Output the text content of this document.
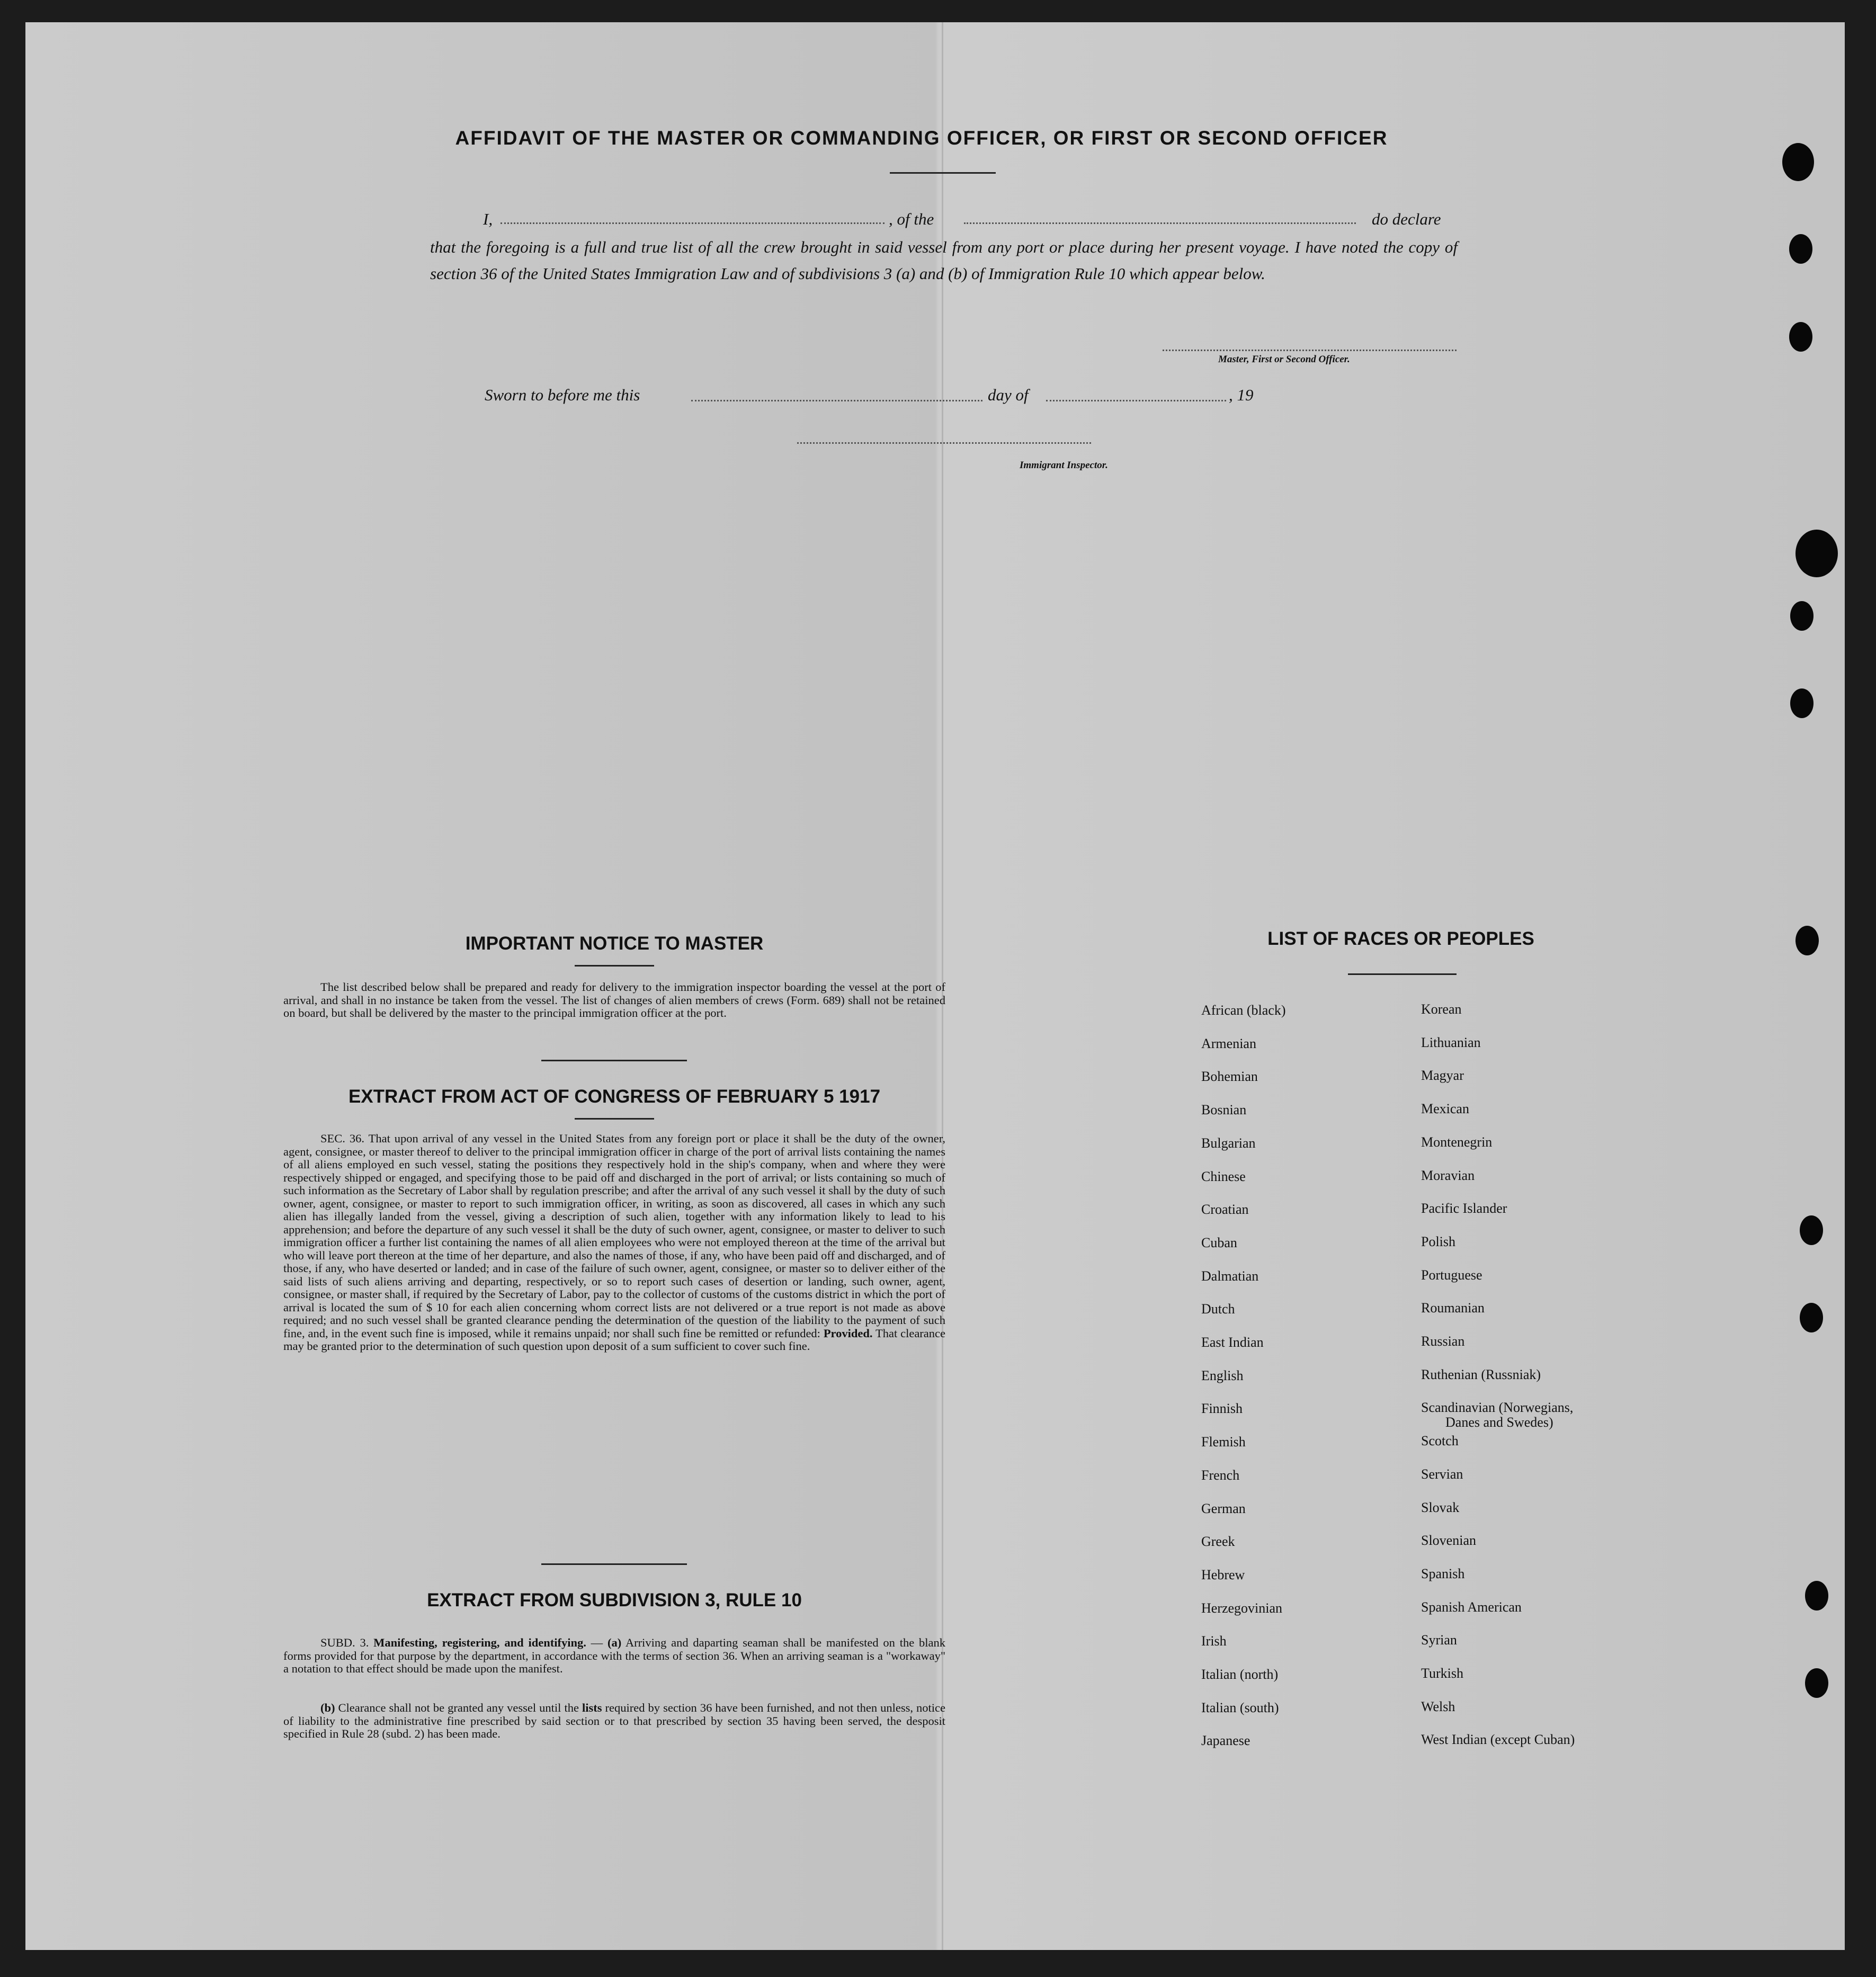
AFFIDAVIT OF THE MASTER OR COMMANDING OFFICER, OR FIRST OR SECOND OFFICER
I,	, of the	do declare
that the foregoing is a full and true list of all the crew brought in said vessel from any port or place during her present voyage. I have noted the copy of section 36 of the United States Immigration Law and of subdivisions 3 (a) and (b) of Immigration Rule 10 which appear below.
Master, First or Second Officer.
Sworn to before me this	day of	, 19
Immigrant Inspector.
IMPORTANT NOTICE TO MASTER
The list described below shall be prepared and ready for delivery to the immigration inspector boarding the vessel at the port of arrival, and shall in no instance be taken from the vessel. The list of changes of alien members of crews (Form. 689) shall not be retained on board, but shall be delivered by the master to the principal immigration officer at the port.
EXTRACT FROM ACT OF CONGRESS OF FEBRUARY 5 1917
SEC. 36. That upon arrival of any vessel in the United States from any foreign port or place it shall be the duty of the owner, agent, consignee, or master thereof to deliver to the principal immigration officer in charge of the port of arrival lists containing the names of all aliens employed en such vessel, stating the positions they respectively hold in the ship's company, when and where they were respectively shipped or engaged, and specifying those to be paid off and discharged in the port of arrival; or lists containing so much of such information as the Secretary of Labor shall by regulation prescribe; and after the arrival of any such vessel it shall by the duty of such owner, agent, consignee, or master to report to such immigration officer, in writing, as soon as discovered, all cases in which any such alien has illegally landed from the vessel, giving a description of such alien, together with any information likely to lead to his apprehension; and before the departure of any such vessel it shall be the duty of such owner, agent, consignee, or master to deliver to such immigration officer a further list containing the names of all alien employees who were not employed thereon at the time of the arrival but who will leave port thereon at the time of her departure, and also the names of those, if any, who have been paid off and discharged, and of those, if any, who have deserted or landed; and in case of the failure of such owner, agent, consignee, or master so to deliver either of the said lists of such aliens arriving and departing, respectively, or so to report such cases of desertion or landing, such owner, agent, consignee, or master shall, if required by the Secretary of Labor, pay to the collector of customs of the customs district in which the port of arrival is located the sum of $ 10 for each alien concerning whom correct lists are not delivered or a true report is not made as above required; and no such vessel shall be granted clearance pending the determination of the question of the liability to the payment of such fine, and, in the event such fine is imposed, while it remains unpaid; nor shall such fine be remitted or refunded: Provided. That clearance may be granted prior to the determination of such question upon deposit of a sum sufficient to cover such fine.
EXTRACT FROM SUBDIVISION 3, RULE 10
SUBD. 3. Manifesting, registering, and identifying. — (a) Arriving and daparting seaman shall be manifested on the blank forms provided for that purpose by the department, in accordance with the terms of section 36. When an arriving seaman is a "workaway" a notation to that effect should be made upon the manifest.
(b) Clearance shall not be granted any vessel until the lists required by section 36 have been furnished, and not then unless, notice of liability to the administrative fine prescribed by said section or to that prescribed by section 35 having been served, the desposit specified in Rule 28 (subd. 2) has been made.
LIST OF RACES OR PEOPLES
African (black)
Armenian
Bohemian
Bosnian
Bulgarian
Chinese
Croatian
Cuban
Dalmatian
Dutch
East Indian
English
Finnish
Flemish
French
German
Greek
Hebrew
Herzegovinian
Irish
Italian (north)
Italian (south)
Japanese
Korean
Lithuanian
Magyar
Mexican
Montenegrin
Moravian
Pacific Islander
Polish
Portuguese
Roumanian
Russian
Ruthenian (Russniak)
Scandinavian (Norwegians,
Danes and Swedes)
Scotch
Servian
Slovak
Slovenian
Spanish
Spanish American
Syrian
Turkish
Welsh
West Indian (except Cuban)
